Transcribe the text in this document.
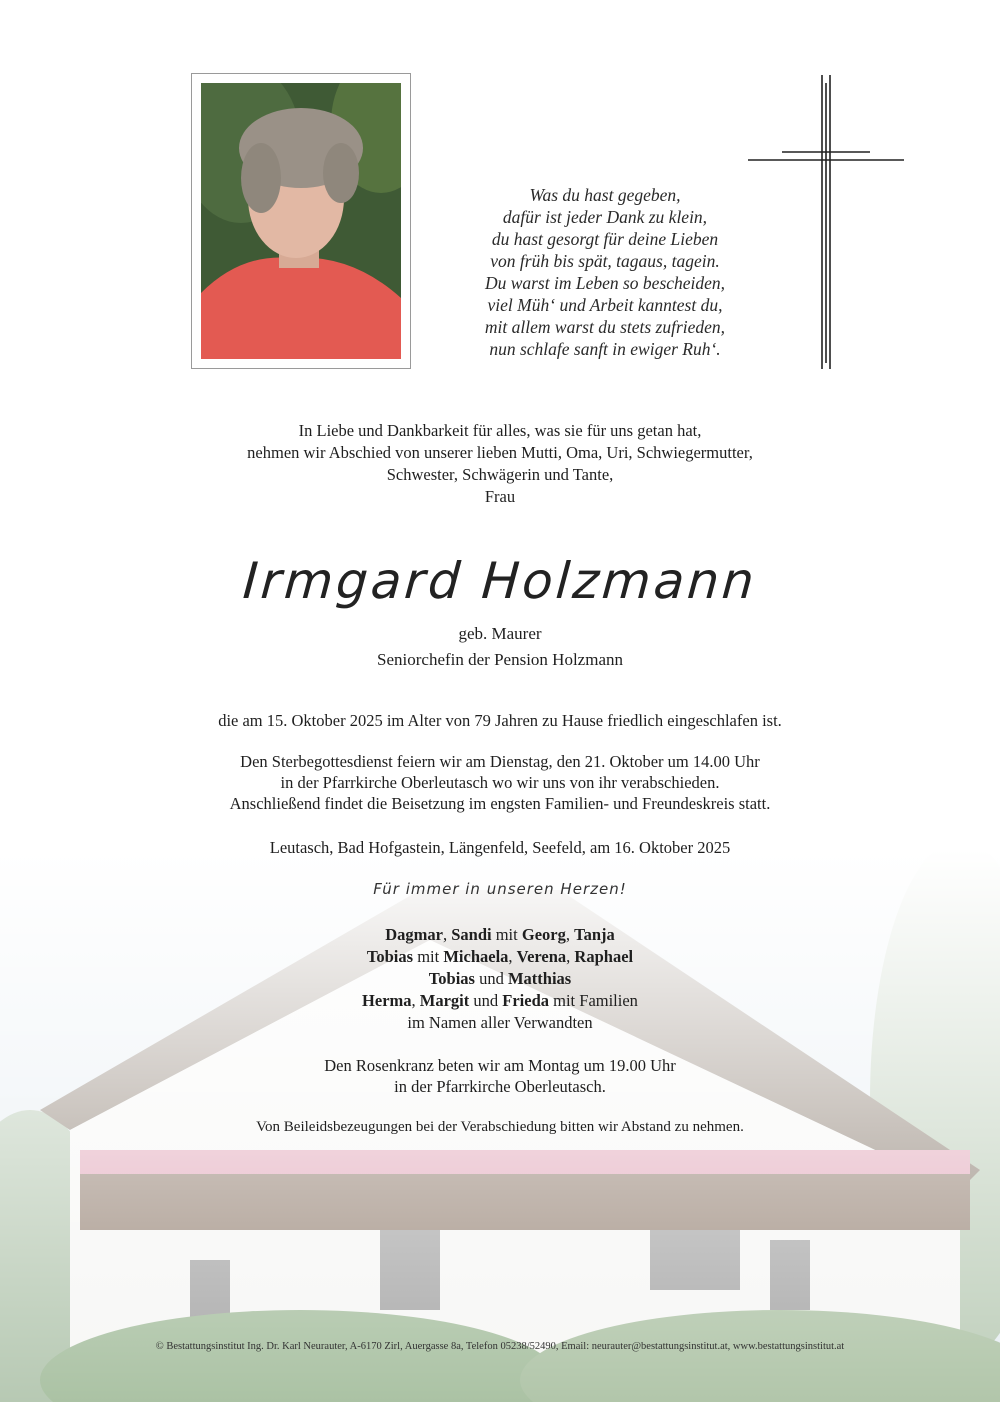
Was du hast gegeben,
dafür ist jeder Dank zu klein,
du hast gesorgt für deine Lieben
von früh bis spät, tagaus, tagein.
Du warst im Leben so bescheiden,
viel Müh‘ und Arbeit kanntest du,
mit allem warst du stets zufrieden,
nun schlafe sanft in ewiger Ruh‘.
In Liebe und Dankbarkeit für alles, was sie für uns getan hat,
nehmen wir Abschied von unserer lieben Mutti, Oma, Uri, Schwiegermutter,
Schwester, Schwägerin und Tante,
Frau
Irmgard Holzmann
geb. Maurer
Seniorchefin der Pension Holzmann
die am 15. Oktober 2025 im Alter von 79 Jahren zu Hause friedlich eingeschlafen ist.
Den Sterbegottesdienst feiern wir am Dienstag, den 21. Oktober um 14.00 Uhr
in der Pfarrkirche Oberleutasch wo wir uns von ihr verabschieden.
Anschließend findet die Beisetzung im engsten Familien- und Freundeskreis statt.
Leutasch, Bad Hofgastein, Längenfeld, Seefeld, am 16. Oktober 2025
Für immer in unseren Herzen!
Dagmar, Sandi mit Georg, Tanja
Tobias mit Michaela, Verena, Raphael
Tobias und Matthias
Herma, Margit und Frieda mit Familien
im Namen aller Verwandten
Den Rosenkranz beten wir am Montag um 19.00 Uhr
in der Pfarrkirche Oberleutasch.
Von Beileidsbezeugungen bei der Verabschiedung bitten wir Abstand zu nehmen.
© Bestattungsinstitut Ing. Dr. Karl Neurauter, A-6170 Zirl, Auergasse 8a, Telefon 05238/52490, Email: neurauter@bestattungsinstitut.at, www.bestattungsinstitut.at
